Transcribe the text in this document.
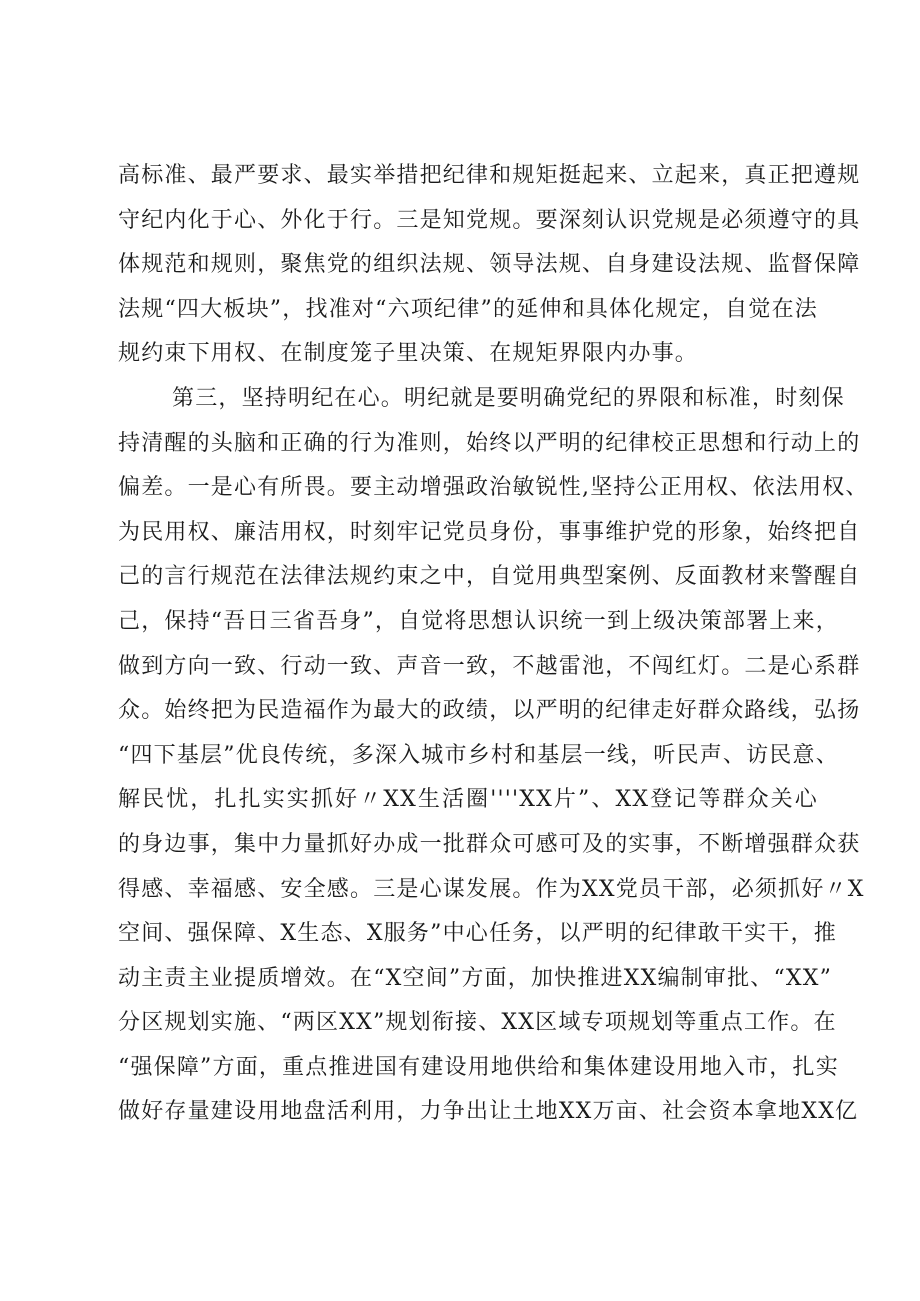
高标准、最严要求、最实举措把纪律和规矩挺起来、立起来，真正把遵规
守纪内化于心、外化于行。三是知党规。要深刻认识党规是必须遵守的具
体规范和规则，聚焦党的组织法规、领导法规、自身建设法规、监督保障
法规“四大板块”，找准对“六项纪律”的延伸和具体化规定，自觉在法
规约束下用权、在制度笼子里决策、在规矩界限内办事。
第三，坚持明纪在心。明纪就是要明确党纪的界限和标准，时刻保
持清醒的头脑和正确的行为准则，始终以严明的纪律校正思想和行动上的
偏差。一是心有所畏。要主动增强政治敏锐性,坚持公正用权、依法用权、
为民用权、廉洁用权，时刻牢记党员身份，事事维护党的形象，始终把自
己的言行规范在法律法规约束之中，自觉用典型案例、反面教材来警醒自
己，保持“吾日三省吾身”，自觉将思想认识统一到上级决策部署上来，
做到方向一致、行动一致、声音一致，不越雷池，不闯红灯。二是心系群
众。始终把为民造福作为最大的政绩，以严明的纪律走好群众路线，弘扬
“四下基层”优良传统，多深入城市乡村和基层一线，听民声、访民意、
解民忧，扎扎实实抓好〃XX生活圈''''XX片”、XX登记等群众关心
的身边事，集中力量抓好办成一批群众可感可及的实事，不断增强群众获
得感、幸福感、安全感。三是心谋发展。作为XX党员干部，必须抓好〃X
空间、强保障、X生态、X服务”中心任务，以严明的纪律敢干实干，推
动主责主业提质增效。在“X空间”方面，加快推进XX编制审批、“XX”
分区规划实施、“两区XX”规划衔接、XX区域专项规划等重点工作。在
“强保障”方面，重点推进国有建设用地供给和集体建设用地入市，扎实
做好存量建设用地盘活利用，力争出让土地XX万亩、社会资本拿地XX亿
